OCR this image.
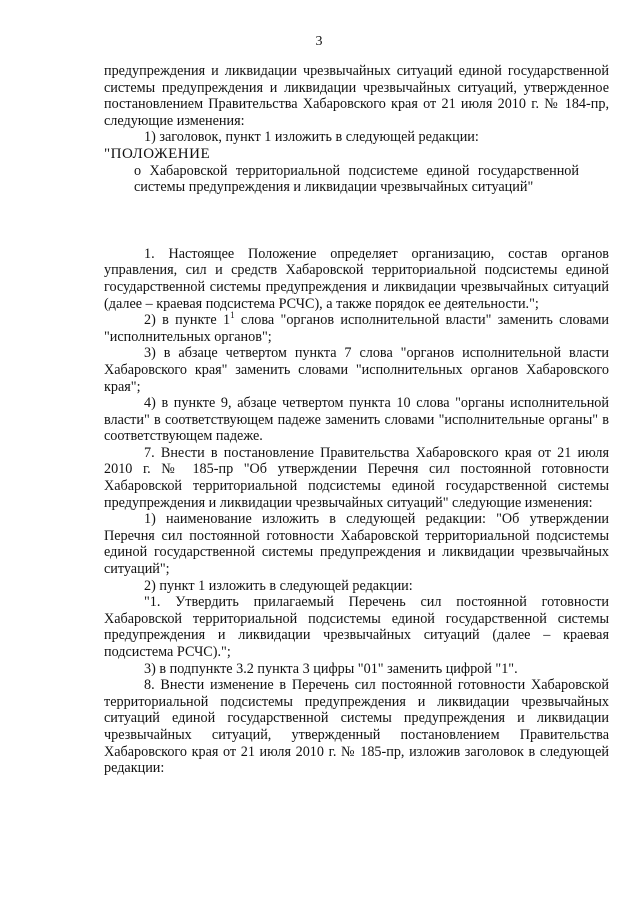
3

предупреждения и ликвидации чрезвычайных ситуаций единой государственной системы предупреждения и ликвидации чрезвычайных ситуаций, утвержденное постановлением Правительства Хабаровского края от 21 июля 2010 г. № 184-пр, следующие изменения:

1) заголовок, пункт 1 изложить в следующей редакции:

"ПОЛОЖЕНИЕ

о Хабаровской территориальной подсистеме единой государственной системы предупреждения и ликвидации чрезвычайных ситуаций"

1. Настоящее Положение определяет организацию, состав органов управления, сил и средств Хабаровской территориальной подсистемы единой государственной системы предупреждения и ликвидации чрезвычайных ситуаций (далее – краевая подсистема РСЧС), а также порядок ее деятельности.";

2) в пункте $1^1$ слова "органов исполнительной власти" заменить словами "исполнительных органов";

3) в абзаце четвертом пункта 7 слова "органов исполнительной власти Хабаровского края" заменить словами "исполнительных органов Хабаровского края";

4) в пункте 9, абзаце четвертом пункта 10 слова "органы исполнительной власти" в соответствующем падеже заменить словами "исполнительные органы" в соответствующем падеже.

7. Внести в постановление Правительства Хабаровского края от 21 июля 2010 г. № 185-пр "Об утверждении Перечня сил постоянной готовности Хабаровской территориальной подсистемы единой государственной системы предупреждения и ликвидации чрезвычайных ситуаций" следующие изменения:

1) наименование изложить в следующей редакции: "Об утверждении Перечня сил постоянной готовности Хабаровской территориальной подсистемы единой государственной системы предупреждения и ликвидации чрезвычайных ситуаций";

2) пункт 1 изложить в следующей редакции:

"1. Утвердить прилагаемый Перечень сил постоянной готовности Хабаровской территориальной подсистемы единой государственной системы предупреждения и ликвидации чрезвычайных ситуаций (далее – краевая подсистема РСЧС).";

3) в подпункте 3.2 пункта 3 цифры "01" заменить цифрой "1".

8. Внести изменение в Перечень сил постоянной готовности Хабаровской территориальной подсистемы предупреждения и ликвидации чрезвычайных ситуаций единой государственной системы предупреждения и ликвидации чрезвычайных ситуаций, утвержденный постановлением Правительства Хабаровского края от 21 июля 2010 г. № 185-пр, изложив заголовок в следующей редакции:
